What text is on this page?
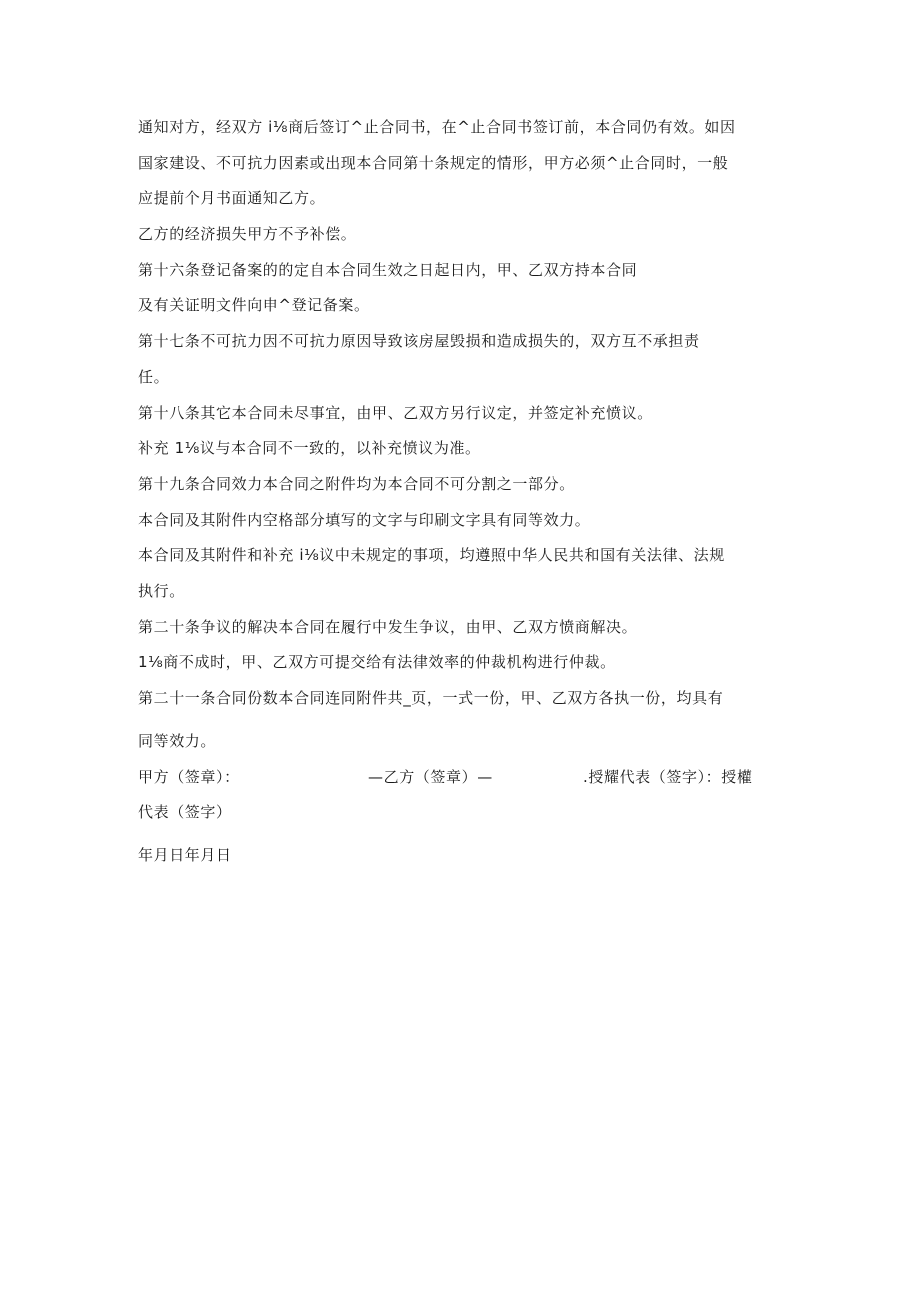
通知对方，经双方 i⅛商后签订^止合同书，在^止合同书签订前，本合同仍有效。如因
国家建设、不可抗力因素或出现本合同第十条规定的情形，甲方必须^止合同时，一般
应提前个月书面通知乙方。
乙方的经济损失甲方不予补偿。
第十六条登记备案的的定自本合同生效之日起日内，甲、乙双方持本合同
及有关证明文件向申^登记备案。
第十七条不可抗力因不可抗力原因导致该房屋毁损和造成损失的，双方互不承担责
任。
第十八条其它本合同未尽事宜，由甲、乙双方另行议定，并签定补充愤议。
补充 1⅛议与本合同不一致的，以补充愤议为准。
第十九条合同效力本合同之附件均为本合同不可分割之一部分。
本合同及其附件内空格部分填写的文字与印刷文字具有同等效力。
本合同及其附件和补充 i⅛议中未规定的事项，均遵照中华人民共和国有关法律、法规
执行。
第二十条争议的解决本合同在履行中发生争议，由甲、乙双方愤商解决。
1⅛商不成时，甲、乙双方可提交给有法律效率的仲裁机构进行仲裁。
第二十一条合同份数本合同连同附件共_页，一式一份，甲、乙双方各执一份，均具有
同等效力。
甲方（签章）：	—乙方（签章）—	.授耀代表（签字）：授權
代表（签字）
年月日年月日
